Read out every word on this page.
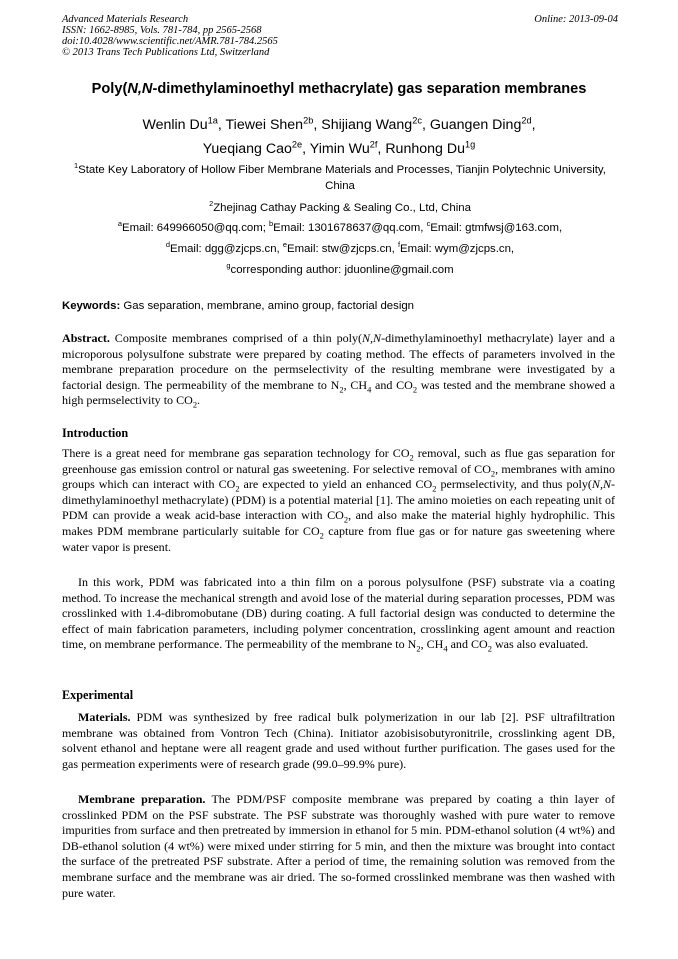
Advanced Materials Research
ISSN: 1662-8985, Vols. 781-784, pp 2565-2568
doi:10.4028/www.scientific.net/AMR.781-784.2565
© 2013 Trans Tech Publications Ltd, Switzerland
Online: 2013-09-04
Poly(N,N-dimethylaminoethyl methacrylate) gas separation membranes
Wenlin $Du^{1a}$, Tiewei Shen$^{2b}$, Shijiang Wang$^{2c}$, Guangen Ding$^{2d}$,
Yueqiang Cao$^{2e}$, Yimin $Wu^{2f}$, Runhong $Du^{1g}$
$^1$State Key Laboratory of Hollow Fiber Membrane Materials and Processes, Tianjin Polytechnic University, China
$^2$Zhejinag Cathay Packing & Sealing Co., Ltd, China
$^a$Email: 649966050@qq.com; $^b$Email: 1301678637@qq.com, $^c$Email: gtmfwsj@163.com,
$^d$Email: dgg@zjcps.cn, $^e$Email: stw@zjcps.cn, $^f$Email: wym@zjcps.cn,
$^g$corresponding author: jduonline@gmail.com
Keywords: Gas separation, membrane, amino group, factorial design

Abstract. Composite membranes comprised of a thin poly(N,N-dimethylaminoethyl methacrylate) layer and a microporous polysulfone substrate were prepared by coating method. The effects of parameters involved in the membrane preparation procedure on the permselectivity of the resulting membrane were investigated by a factorial design. The permeability of the membrane to $N_2$, $CH_4$ and $CO_2$ was tested and the membrane showed a high permselectivity to $CO_2$.

Introduction

There is a great need for membrane gas separation technology for $CO_2$ removal, such as flue gas separation for greenhouse gas emission control or natural gas sweetening. For selective removal of $CO_2$, membranes with amino groups which can interact with $CO_2$ are expected to yield an enhanced $CO_2$ permselectivity, and thus poly(N,N-dimethylaminoethyl methacrylate) (PDM) is a potential material [1]. The amino moieties on each repeating unit of PDM can provide a weak acid-base interaction with $CO_2$, and also make the material highly hydrophilic. This makes PDM membrane particularly suitable for $CO_2$ capture from flue gas or for nature gas sweetening where water vapor is present.

In this work, PDM was fabricated into a thin film on a porous polysulfone (PSF) substrate via a coating method. To increase the mechanical strength and avoid lose of the material during separation processes, PDM was crosslinked with 1.4-dibromobutane (DB) during coating. A full factorial design was conducted to determine the effect of main fabrication parameters, including polymer concentration, crosslinking agent amount and reaction time, on membrane performance. The permeability of the membrane to $N_2$, $CH_4$ and $CO_2$ was also evaluated.

Experimental

Materials. PDM was synthesized by free radical bulk polymerization in our lab [2]. PSF ultrafiltration membrane was obtained from Vontron Tech (China). Initiator azobisisobutyronitrile, crosslinking agent DB, solvent ethanol and heptane were all reagent grade and used without further purification. The gases used for the gas permeation experiments were of research grade (99.0–99.9% pure).

Membrane preparation. The PDM/PSF composite membrane was prepared by coating a thin layer of crosslinked PDM on the PSF substrate. The PSF substrate was thoroughly washed with pure water to remove impurities from surface and then pretreated by immersion in ethanol for 5 min. PDM-ethanol solution (4 wt%) and DB-ethanol solution (4 wt%) were mixed under stirring for 5 min, and then the mixture was brought into contact the surface of the pretreated PSF substrate. After a period of time, the remaining solution was removed from the membrane surface and the membrane was air dried. The so-formed crosslinked membrane was then washed with pure water.
